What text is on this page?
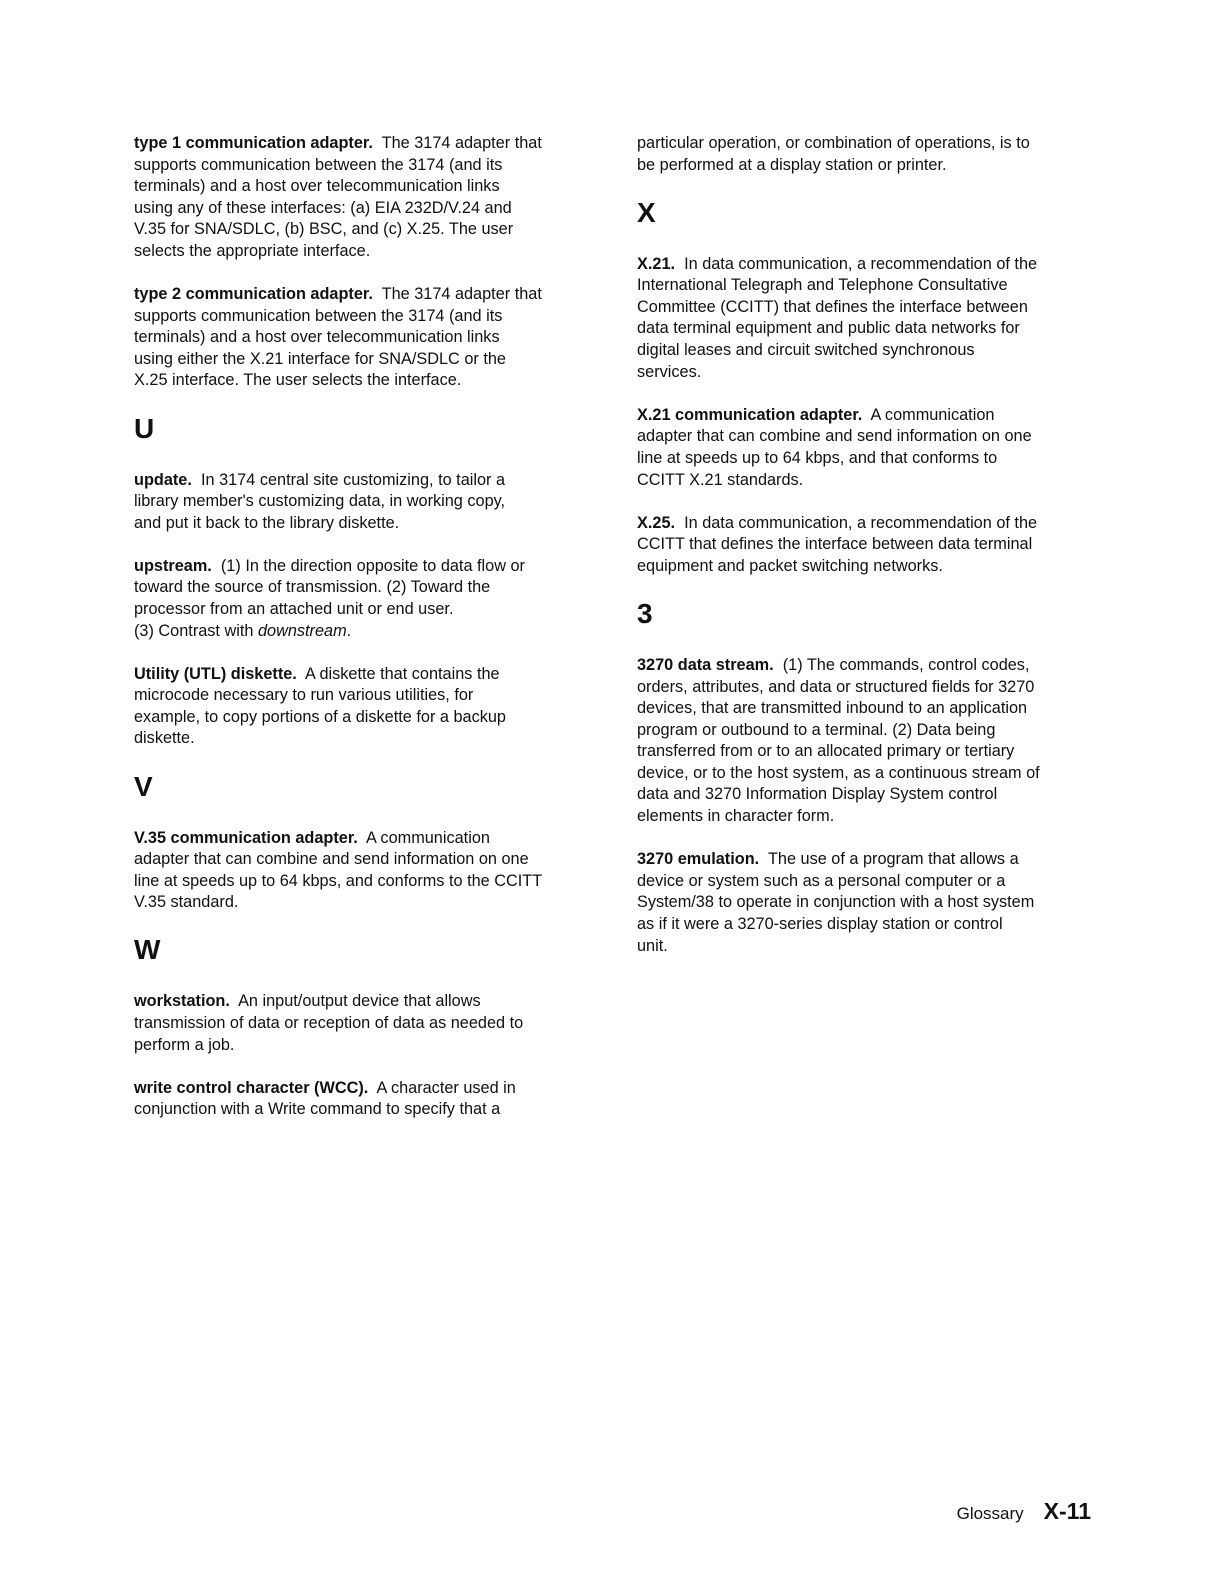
type 1 communication adapter. The 3174 adapter that
supports communication between the 3174 (and its
terminals) and a host over telecommunication links
using any of these interfaces: (a) EIA 232D/V.24 and
V.35 for SNA/SDLC, (b) BSC, and (c) X.25. The user
selects the appropriate interface.
type 2 communication adapter. The 3174 adapter that
supports communication between the 3174 (and its
terminals) and a host over telecommunication links
using either the X.21 interface for SNA/SDLC or the
X.25 interface. The user selects the interface.
U
update. In 3174 central site customizing, to tailor a
library member's customizing data, in working copy,
and put it back to the library diskette.
upstream. (1) In the direction opposite to data flow or
toward the source of transmission. (2) Toward the
processor from an attached unit or end user.
(3) Contrast with downstream.
Utility (UTL) diskette. A diskette that contains the
microcode necessary to run various utilities, for
example, to copy portions of a diskette for a backup
diskette.
V
V.35 communication adapter. A communication
adapter that can combine and send information on one
line at speeds up to 64 kbps, and conforms to the CCITT
V.35 standard.
W
workstation. An input/output device that allows
transmission of data or reception of data as needed to
perform a job.
write control character (WCC). A character used in
conjunction with a Write command to specify that a
particular operation, or combination of operations, is to
be performed at a display station or printer.
X
X.21. In data communication, a recommendation of the
International Telegraph and Telephone Consultative
Committee (CCITT) that defines the interface between
data terminal equipment and public data networks for
digital leases and circuit switched synchronous
services.
X.21 communication adapter. A communication
adapter that can combine and send information on one
line at speeds up to 64 kbps, and that conforms to
CCITT X.21 standards.
X.25. In data communication, a recommendation of the
CCITT that defines the interface between data terminal
equipment and packet switching networks.
3
3270 data stream. (1) The commands, control codes,
orders, attributes, and data or structured fields for 3270
devices, that are transmitted inbound to an application
program or outbound to a terminal. (2) Data being
transferred from or to an allocated primary or tertiary
device, or to the host system, as a continuous stream of
data and 3270 Information Display System control
elements in character form.
3270 emulation. The use of a program that allows a
device or system such as a personal computer or a
System/38 to operate in conjunction with a host system
as if it were a 3270-series display station or control
unit.
Glossary X-11
